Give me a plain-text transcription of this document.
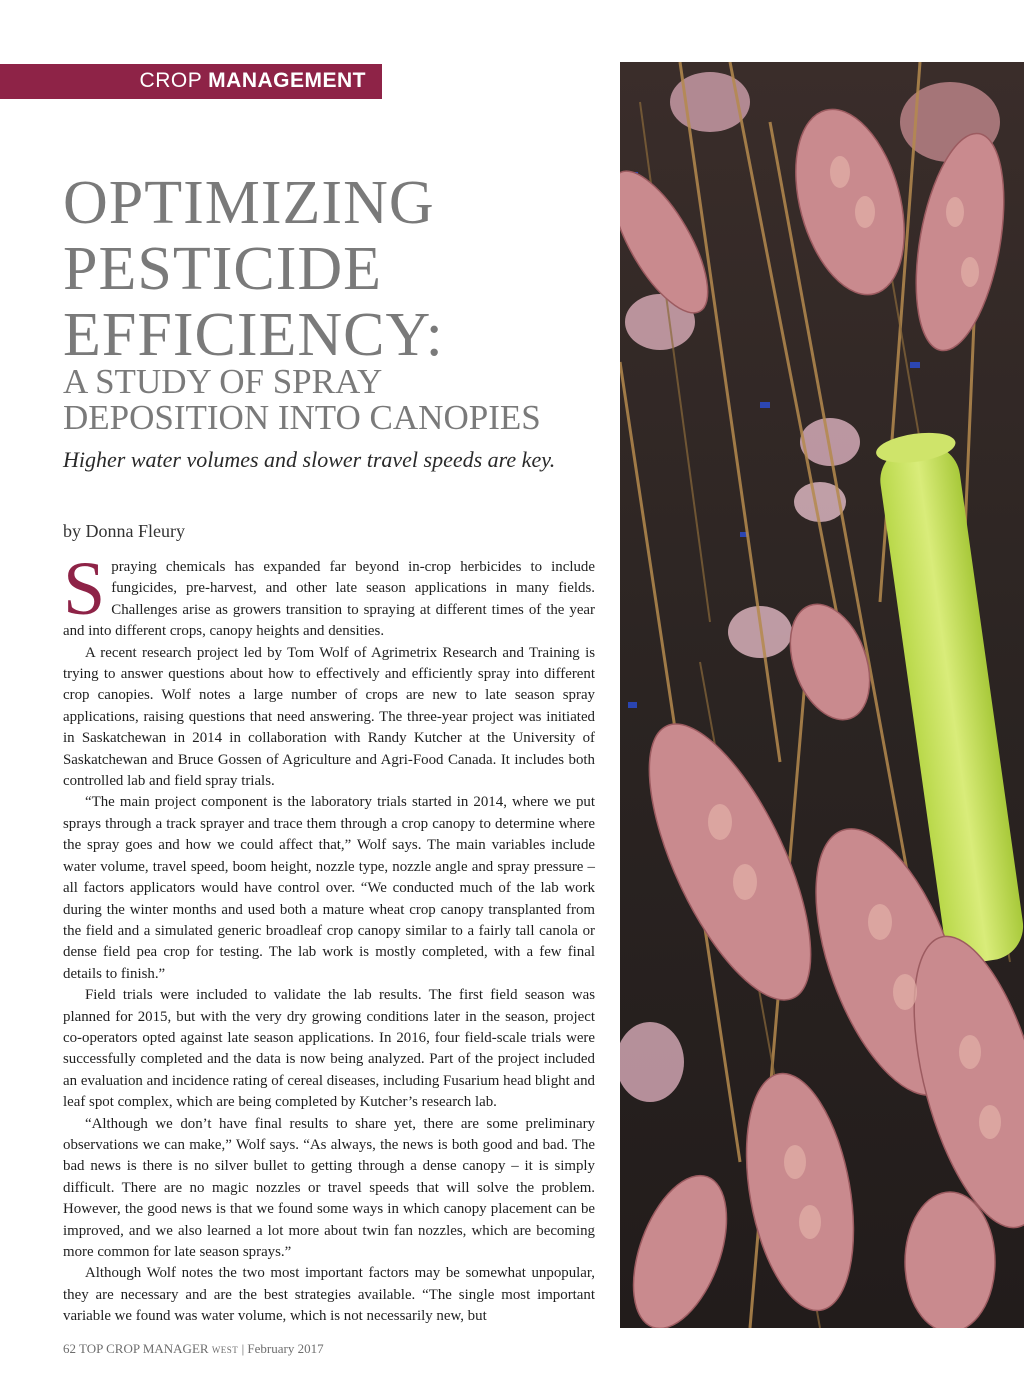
CROP MANAGEMENT
OPTIMIZING
PESTICIDE
EFFICIENCY:
A STUDY OF SPRAY
DEPOSITION INTO CANOPIES

Higher water volumes and slower travel speeds are key.

by Donna Fleury

Spraying chemicals has expanded far beyond in-crop herbicides to include fungicides, pre-harvest, and other late season applications in many fields. Challenges arise as growers transition to spraying at different times of the year and into different crops, canopy heights and densities.

A recent research project led by Tom Wolf of Agrimetrix Research and Training is trying to answer questions about how to effectively and efficiently spray into different crop canopies. Wolf notes a large number of crops are new to late season spray applications, raising questions that need answering. The three-year project was initiated in Saskatchewan in 2014 in collaboration with Randy Kutcher at the University of Saskatchewan and Bruce Gossen of Agriculture and Agri-Food Canada. It includes both controlled lab and field spray trials.

“The main project component is the laboratory trials started in 2014, where we put sprays through a track sprayer and trace them through a crop canopy to determine where the spray goes and how we could affect that,” Wolf says. The main variables include water volume, travel speed, boom height, nozzle type, nozzle angle and spray pressure – all factors applicators would have control over. “We conducted much of the lab work during the winter months and used both a mature wheat crop canopy transplanted from the field and a simulated generic broadleaf crop canopy similar to a fairly tall canola or dense field pea crop for testing. The lab work is mostly completed, with a few final details to finish.”

Field trials were included to validate the lab results. The first field season was planned for 2015, but with the very dry growing conditions later in the season, project co-operators opted against late season applications. In 2016, four field-scale trials were successfully completed and the data is now being analyzed. Part of the project included an evaluation and incidence rating of cereal diseases, including Fusarium head blight and leaf spot complex, which are being completed by Kutcher’s research lab.

“Although we don’t have final results to share yet, there are some preliminary observations we can make,” Wolf says. “As always, the news is both good and bad. The bad news is there is no silver bullet to getting through a dense canopy – it is simply difficult. There are no magic nozzles or travel speeds that will solve the problem. However, the good news is that we found some ways in which canopy placement can be improved, and we also learned a lot more about twin fan nozzles, which are becoming more common for late season sprays.”

Although Wolf notes the two most important factors may be somewhat unpopular, they are necessary and are the best strategies available. “The single most important variable we found was water volume, which is not necessarily new, but

62 TOP CROP MANAGER WEST | February 2017
